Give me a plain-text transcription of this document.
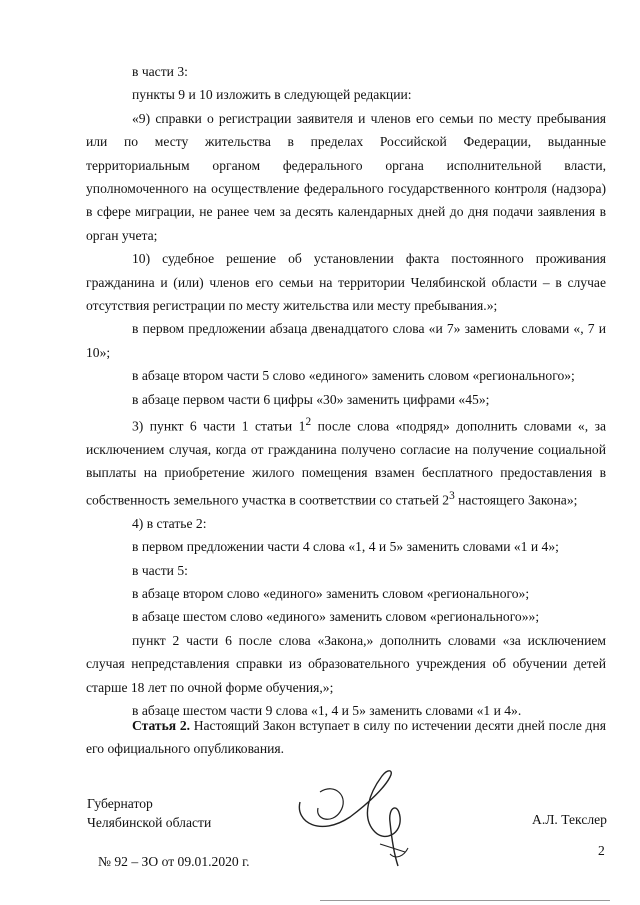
в части 3:

пункты 9 и 10 изложить в следующей редакции:

«9) справки о регистрации заявителя и членов его семьи по месту пребывания или по месту жительства в пределах Российской Федерации, выданные территориальным органом федерального органа исполнительной власти, уполномоченного на осуществление федерального государственного контроля (надзора) в сфере миграции, не ранее чем за десять календарных дней до дня подачи заявления в орган учета;

10) судебное решение об установлении факта постоянного проживания гражданина и (или) членов его семьи на территории Челябинской области – в случае отсутствия регистрации по месту жительства или месту пребывания.»;

в первом предложении абзаца двенадцатого слова «и 7» заменить словами «, 7 и 10»;

в абзаце втором части 5 слово «единого» заменить словом «регионального»;

в абзаце первом части 6 цифры «30» заменить цифрами «45»;

3) пункт 6 части 1 статьи $1^2$ после слова «подряд» дополнить словами «, за исключением случая, когда от гражданина получено согласие на получение социальной выплаты на приобретение жилого помещения взамен бесплатного предоставления в собственность земельного участка в соответствии со статьей $2^3$ настоящего Закона»;

4) в статье 2:

в первом предложении части 4 слова «1, 4 и 5» заменить словами «1 и 4»;

в части 5:

в абзаце втором слово «единого» заменить словом «регионального»;

в абзаце шестом слово «единого» заменить словом «регионального»»;

пункт 2 части 6 после слова «Закона,» дополнить словами «за исключением случая непредставления справки из образовательного учреждения об обучении детей старше 18 лет по очной форме обучения,»;

в абзаце шестом части 9 слова «1, 4 и 5» заменить словами «1 и 4».

Статья 2. Настоящий Закон вступает в силу по истечении десяти дней после дня его официального опубликования.

Губернатор
Челябинской области	А.Л. Текслер
2
№ 92 – ЗО от 09.01.2020 г.
